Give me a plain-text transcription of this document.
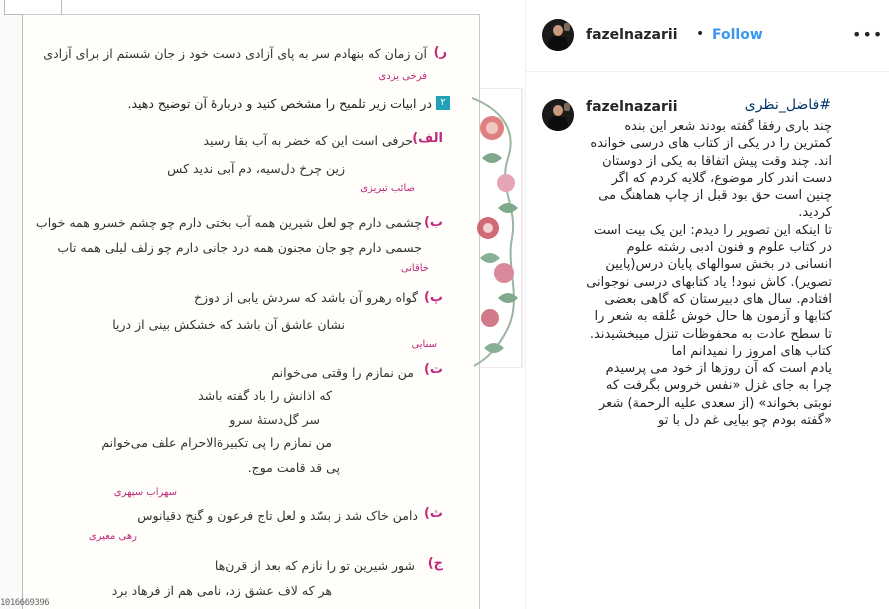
ر)
آن زمان که بنهادم سر به پای آزادی دست خود ز جان شستم از برای آزادی
فرخی یزدی
۲
در ابیات زیر تلمیح را مشخص کنید و دربارهٔ آن توضیح دهید.
الف)
حرفی است این که خضر به آب بقا رسید
زین چرخ دل‌سیه، دم آبی ندید کس
صائب تبریزی
ب)
چشمی دارم چو لعل شیرین همه آب بختی دارم چو چشم خسرو همه خواب
جسمی دارم چو جان مجنون همه درد جانی دارم چو زلف لیلی همه تاب
خاقانی
پ)
گواه رهرو آن باشد که سردش یابی از دوزخ
نشان عاشق آن باشد که خشکش بینی از دریا
سنایی
ت)
من نمازم را وقتی می‌خوانم
که اذانش را باد گفته باشد
سر گل‌دستهٔ سرو
من نمازم را پی تکبیرةالاحرام علف می‌خوانم
پی قد قامت موج.
سهراب سپهری
ث)
دامن خاک شد ز بسّد و لعل تاج فرعون و گنج دقیانوس
رهی معیری
ج)
شور شیرین تو را نازم که بعد از قرن‌ها
هر که لاف عشق زد، نامی هم از فرهاد برد
1016669396
fazelnazarii • Follow	•••
fazelnazarii	#فاضل_نظری

چند باری رفقا گفته بودند شعر این بنده کمترین را در یکی از کتاب های درسی خوانده اند. چند وقت پیش اتفاقا به یکی از دوستان دست اندر کار موضوع، گلایه کردم که اگر چنین است حق بود قبل از چاپ هماهنگ می کردید.

تا اینکه این تصویر را دیدم: این یک بیت است در کتاب علوم و فنون ادبی رشته علوم انسانی در بخش سوالهای پایان درس(پایین تصویر). کاش نبود! یاد کتابهای درسی نوجوانی افتادم. سال های دبیرستان که گاهی بعضی کتابها و آزمون ها حال خوش عُلقه به شعر را تا سطح عادت به محفوظات تنزل میبخشیدند. کتاب های امروز را نمیدانم اما

یادم است که آن روزها از خود می پرسیدم چرا به جای غزل «نفس خروس بگرفت که نوبتی بخواند» (از سعدی علیه الرحمة) شعر «گفته بودم چو بیایی غم دل با تو
